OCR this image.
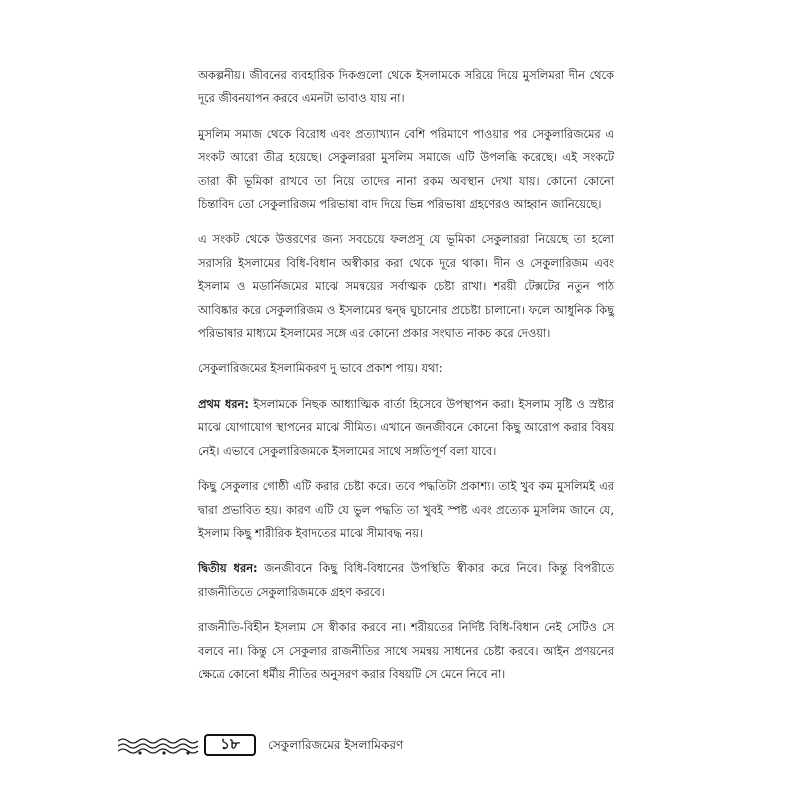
অকল্পনীয়। জীবনের ব্যবহারিক দিকগুলো থেকে ইসলামকে সরিয়ে দিয়ে মুসলিমরা দীন থেকে দূরে জীবনযাপন করবে এমনটা ভাবাও যায় না।

মুসলিম সমাজ থেকে বিরোধ এবং প্রত্যাখ্যান বেশি পরিমাণে পাওয়ার পর সেকুলারিজমের এ সংকট আরো তীব্র হয়েছে। সেকুলাররা মুসলিম সমাজে এটি উপলব্ধি করেছে। এই সংকটে তারা কী ভূমিকা রাখবে তা নিয়ে তাদের নানা রকম অবস্থান দেখা যায়। কোনো কোনো চিন্তাবিদ তো সেকুলারিজম পরিভাষা বাদ দিয়ে ভিন্ন পরিভাষা গ্রহণেরও আহ্বান জানিয়েছে।

এ সংকট থেকে উত্তরণের জন্য সবচেয়ে ফলপ্রসূ যে ভূমিকা সেকুলাররা নিয়েছে তা হলো সরাসরি ইসলামের বিধি-বিধান অস্বীকার করা থেকে দূরে থাকা। দীন ও সেকুলারিজম এবং ইসলাম ও মডার্নিজমের মাঝে সমন্বয়ের সর্বাত্মক চেষ্টা রাখা। শরয়ী টেক্সটের নতুন পাঠ আবিষ্কার করে সেকুলারিজম ও ইসলামের দ্বন্দ্ব ঘুচানোর প্রচেষ্টা চালানো। ফলে আধুনিক কিছু পরিভাষার মাধ্যমে ইসলামের সঙ্গে এর কোনো প্রকার সংঘাত নাকচ করে দেওয়া।

সেকুলারিজমের ইসলামিকরণ দু ভাবে প্রকাশ পায়। যথা:

প্রথম ধরন: ইসলামকে নিছক আধ্যাত্মিক বার্তা হিসেবে উপস্থাপন করা। ইসলাম সৃষ্টি ও স্রষ্টার মাঝে যোগাযোগ স্থাপনের মাঝে সীমিত। এখানে জনজীবনে কোনো কিছু আরোপ করার বিষয় নেই। এভাবে সেকুলারিজমকে ইসলামের সাথে সঙ্গতিপূর্ণ বলা যাবে।

কিছু সেকুলার গোষ্ঠী এটি করার চেষ্টা করে। তবে পদ্ধতিটা প্রকাশ্য। তাই খুব কম মুসলিমই এর দ্বারা প্রভাবিত হয়। কারণ এটি যে ভুল পদ্ধতি তা খুবই স্পষ্ট এবং প্রত্যেক মুসলিম জানে যে, ইসলাম কিছু শারীরিক ইবাদতের মাঝে সীমাবদ্ধ নয়।

দ্বিতীয় ধরন: জনজীবনে কিছু বিধি-বিধানের উপস্থিতি স্বীকার করে নিবে। কিন্তু বিপরীতে রাজনীতিতে সেকুলারিজমকে গ্রহণ করবে।

রাজনীতি-বিহীন ইসলাম সে স্বীকার করবে না। শরীয়তের নির্দিষ্ট বিধি-বিধান নেই সেটিও সে বলবে না। কিন্তু সে সেকুলার রাজনীতির সাথে সমন্বয় সাধনের চেষ্টা করবে। আইন প্রণয়নের ক্ষেত্রে কোনো ধর্মীয় নীতির অনুসরণ করার বিষয়টি সে মেনে নিবে না।

১৮	সেকুলারিজমের ইসলামিকরণ
